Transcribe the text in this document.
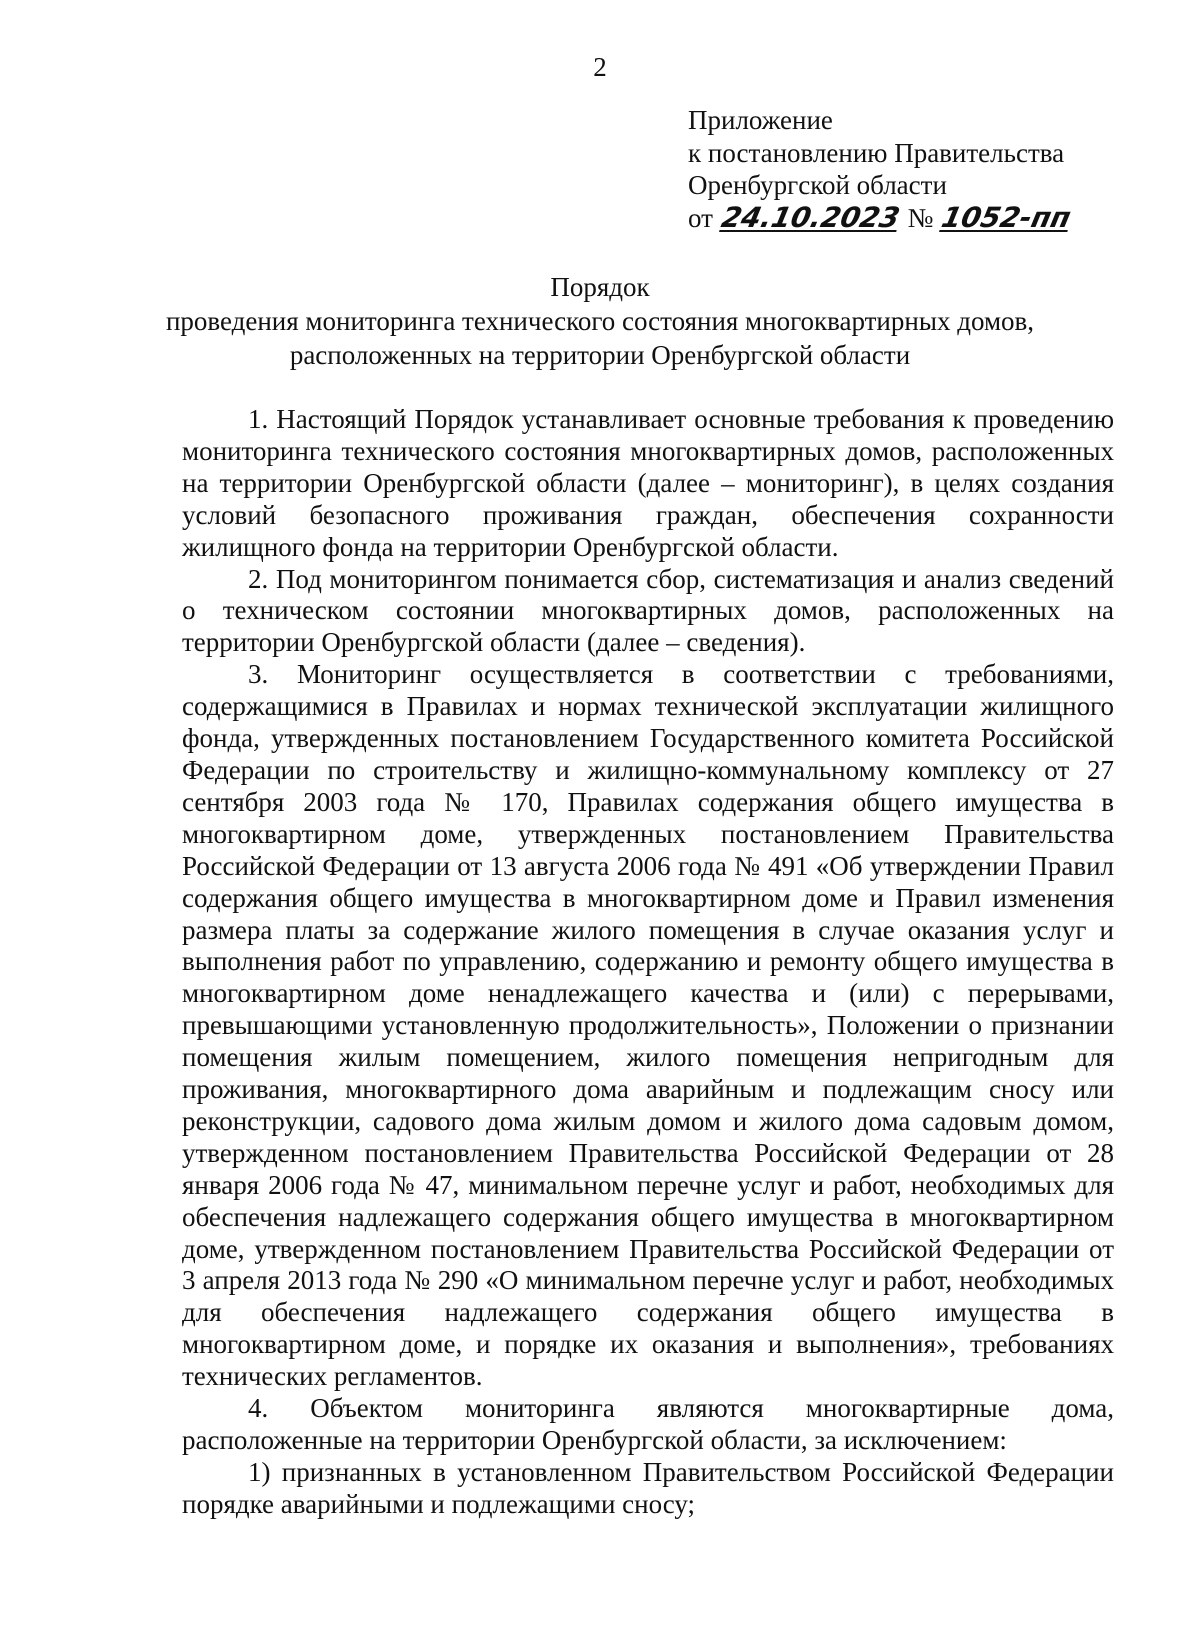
2
Приложение
к постановлению Правительства
Оренбургской области
от 24.10.2023 № 1052-пп
Порядок
проведения мониторинга технического состояния многоквартирных домов,
расположенных на территории Оренбургской области

1. Настоящий Порядок устанавливает основные требования к проведению мониторинга технического состояния многоквартирных домов, расположенных на территории Оренбургской области (далее – мониторинг), в целях создания условий безопасного проживания граждан, обеспечения сохранности жилищного фонда на территории Оренбургской области.

2. Под мониторингом понимается сбор, систематизация и анализ сведений о техническом состоянии многоквартирных домов, расположенных на территории Оренбургской области (далее – сведения).

3. Мониторинг осуществляется в соответствии с требованиями, содержащимися в Правилах и нормах технической эксплуатации жилищного фонда, утвержденных постановлением Государственного комитета Российской Федерации по строительству и жилищно-коммунальному комплексу от 27 сентября 2003 года № 170, Правилах содержания общего имущества в многоквартирном доме, утвержденных постановлением Правительства Российской Федерации от 13 августа 2006 года № 491 «Об утверждении Правил содержания общего имущества в многоквартирном доме и Правил изменения размера платы за содержание жилого помещения в случае оказания услуг и выполнения работ по управлению, содержанию и ремонту общего имущества в многоквартирном доме ненадлежащего качества и (или) с перерывами, превышающими установленную продолжительность», Положении о признании помещения жилым помещением, жилого помещения непригодным для проживания, многоквартирного дома аварийным и подлежащим сносу или реконструкции, садового дома жилым домом и жилого дома садовым домом, утвержденном постановлением Правительства Российской Федерации от 28 января 2006 года № 47, минимальном перечне услуг и работ, необходимых для обеспечения надлежащего содержания общего имущества в многоквартирном доме, утвержденном постановлением Правительства Российской Федерации от 3 апреля 2013 года № 290 «О минимальном перечне услуг и работ, необходимых для обеспечения надлежащего содержания общего имущества в многоквартирном доме, и порядке их оказания и выполнения», требованиях технических регламентов.

4. Объектом мониторинга являются многоквартирные дома, расположенные на территории Оренбургской области, за исключением:

1) признанных в установленном Правительством Российской Федерации порядке аварийными и подлежащими сносу;
